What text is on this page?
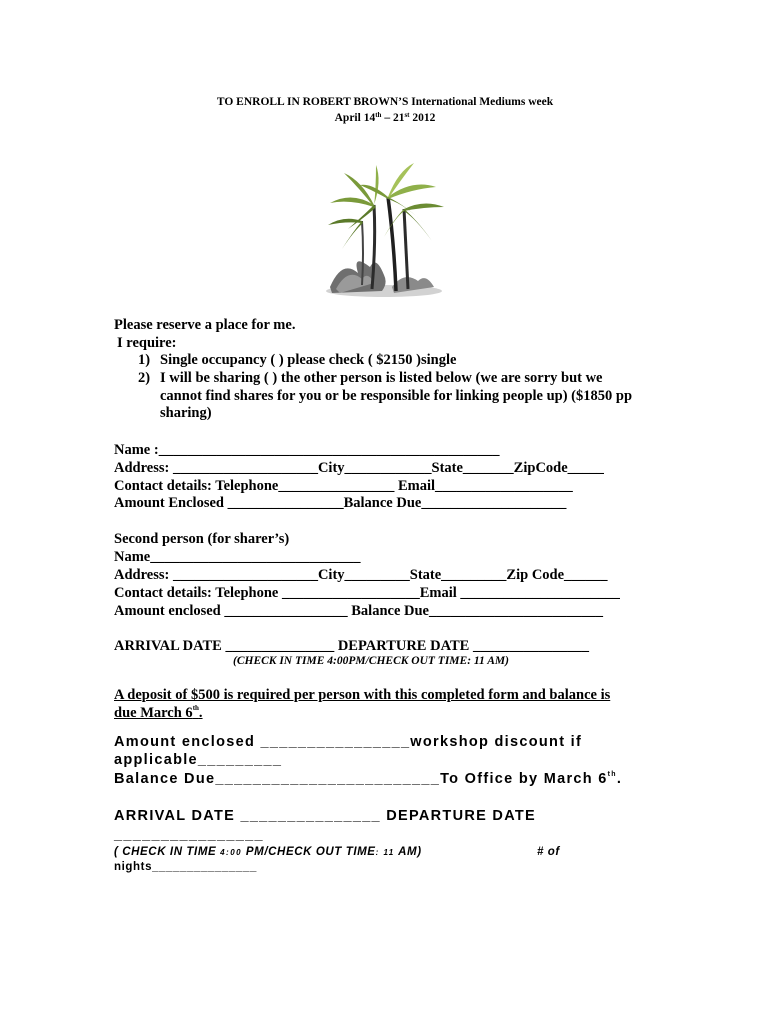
TO ENROLL IN ROBERT BROWN’S International Mediums week
April 14th – 21st 2012
Please reserve a place for me.
I require:
1) Single occupancy ( ) please check ( $2150 )single
2) I will be sharing ( ) the other person is listed below (we are sorry but we
cannot find shares for you or be responsible for linking people up) ($1850 pp
sharing)
Name :_______________________________________________
Address: ____________________City____________State_______ZipCode_____
Contact details: Telephone________________ Email___________________
Amount Enclosed ________________Balance Due____________________
Second person (for sharer’s)
Name_____________________________
Address: ____________________City_________State_________Zip Code______
Contact details: Telephone ___________________Email ______________________
Amount enclosed _________________ Balance Due________________________
ARRIVAL DATE _______________ DEPARTURE DATE ________________
(CHECK IN TIME 4:00PM/CHECK OUT TIME: 11 AM)
A deposit of $500 is required per person with this completed form and balance is
due March 6th.
Amount enclosed ________________workshop discount if
applicable_________
Balance Due________________________To Office by March 6th.
ARRIVAL DATE _______________ DEPARTURE DATE
________________
( CHECK IN TIME 4:00 PM/CHECK OUT TIME: 11 AM)	# of
nights_______________
